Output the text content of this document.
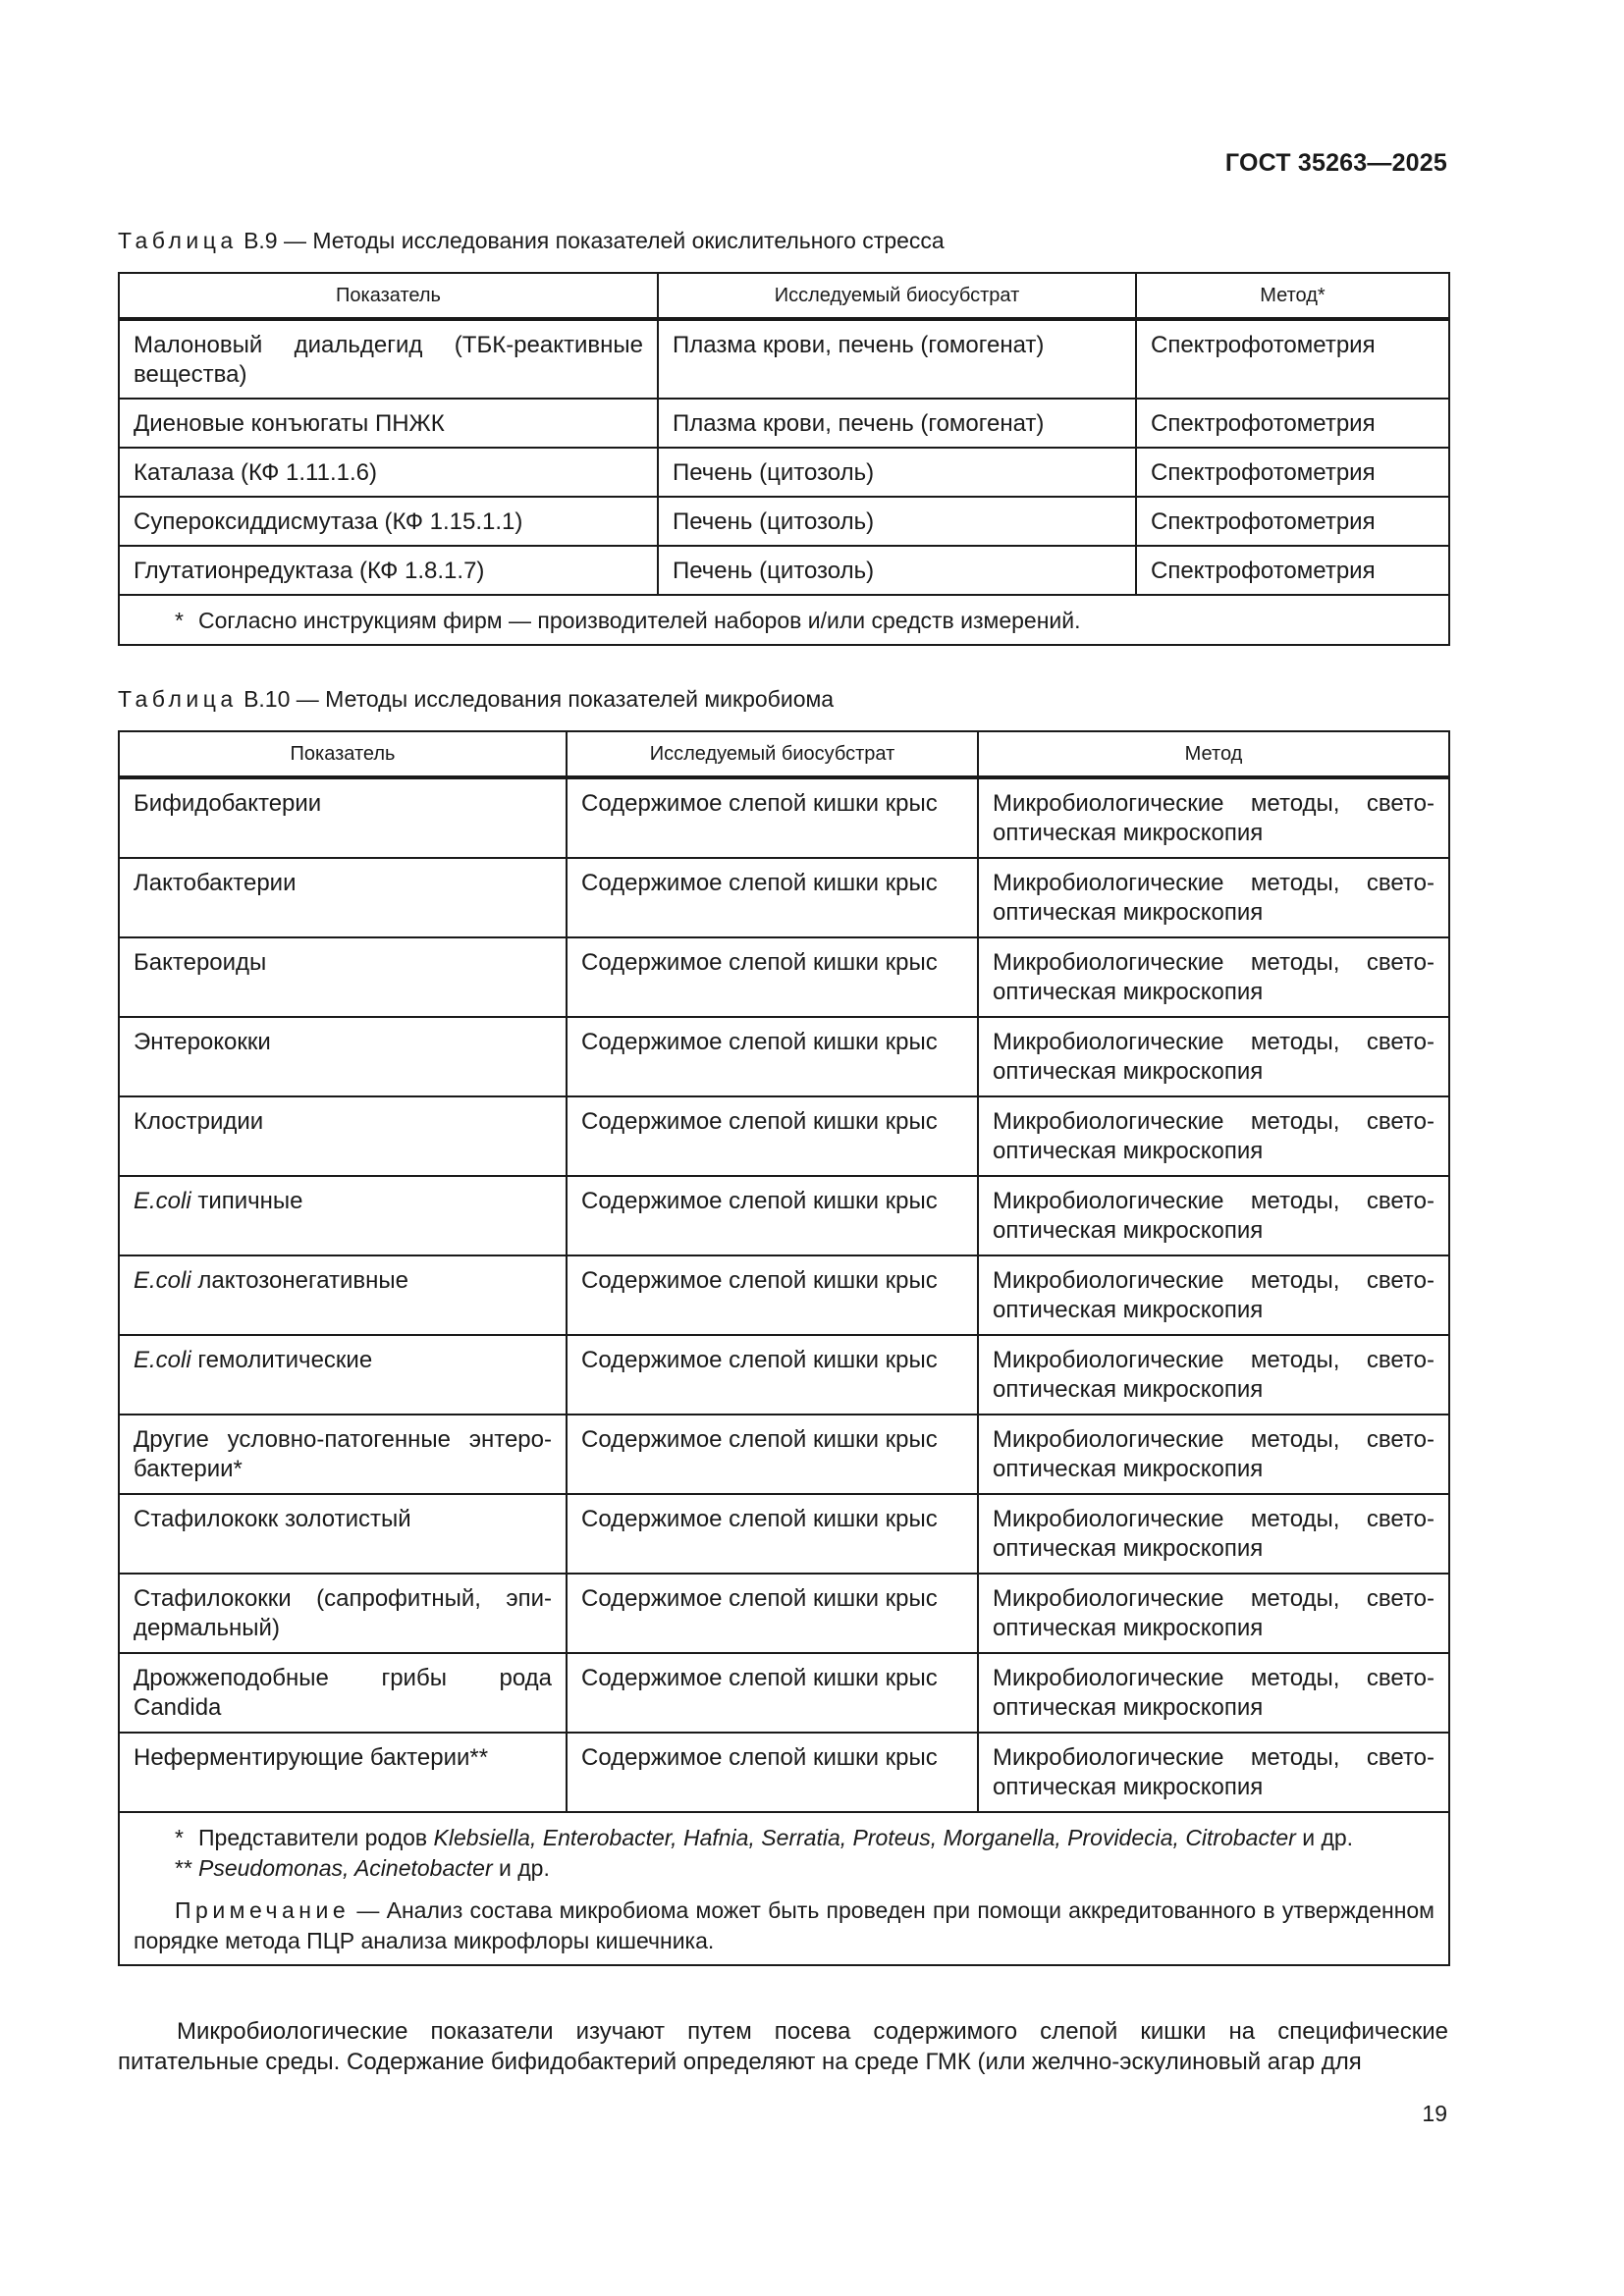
ГОСТ 35263—2025
Таблица В.9 — Методы исследования показателей окислительного стресса
Показатель	Исследуемый биосубстрат	Метод*
Малоновый диальдегид (ТБК-реактивные вещества)	Плазма крови, печень (гомогенат)	Спектрофотометрия
Диеновые конъюгаты ПНЖК	Плазма крови, печень (гомогенат)	Спектрофотометрия
Каталаза (КФ 1.11.1.6)	Печень (цитозоль)	Спектрофотометрия
Супероксиддисмутаза (КФ 1.15.1.1)	Печень (цитозоль)	Спектрофотометрия
Глутатионредуктаза (КФ 1.8.1.7)	Печень (цитозоль)	Спектрофотометрия

* Согласно инструкциям фирм — производителей наборов и/или средств измерений.		
Таблица В.10 — Методы исследования показателей микробиома
Показатель	Исследуемый биосубстрат	Метод
Бифидобактерии	Содержимое слепой кишки крыс	Микробиологические методы, свето-оптическая микроскопия
Лактобактерии	Содержимое слепой кишки крыс	Микробиологические методы, свето-оптическая микроскопия
Бактероиды	Содержимое слепой кишки крыс	Микробиологические методы, свето-оптическая микроскопия
Энтерококки	Содержимое слепой кишки крыс	Микробиологические методы, свето-оптическая микроскопия
Клостридии	Содержимое слепой кишки крыс	Микробиологические методы, свето-оптическая микроскопия
E.coli типичные	Содержимое слепой кишки крыс	Микробиологические методы, свето-оптическая микроскопия
E.coli лактозонегативные	Содержимое слепой кишки крыс	Микробиологические методы, свето-оптическая микроскопия
E.coli гемолитические	Содержимое слепой кишки крыс	Микробиологические методы, свето-оптическая микроскопия
Другие условно-патогенные энтеро-бактерии*	Содержимое слепой кишки крыс	Микробиологические методы, свето-оптическая микроскопия
Стафилококк золотистый	Содержимое слепой кишки крыс	Микробиологические методы, свето-оптическая микроскопия
Стафилококки (сапрофитный, эпи-дермальный)	Содержимое слепой кишки крыс	Микробиологические методы, свето-оптическая микроскопия
Дрожжеподобные грибы рода Candida	Содержимое слепой кишки крыс	Микробиологические методы, свето-оптическая микроскопия
Неферментирующие бактерии**	Содержимое слепой кишки крыс	Микробиологические методы, свето-оптическая микроскопия

* Представители родов Klebsiella, Enterobacter, Hafnia, Serratia, Proteus, Morganella, Providecia, Citrobacter и др.
** Pseudomonas, Acinetobacter и др.
Примечание — Анализ состава микробиома может быть проведен при помощи аккредитованного в утвержденном порядке метода ПЦР анализа микрофлоры кишечника.		
Микробиологические показатели изучают путем посева содержимого слепой кишки на специфические питательные среды. Содержание бифидобактерий определяют на среде ГМК (или желчно-эскулиновый агар для
19
